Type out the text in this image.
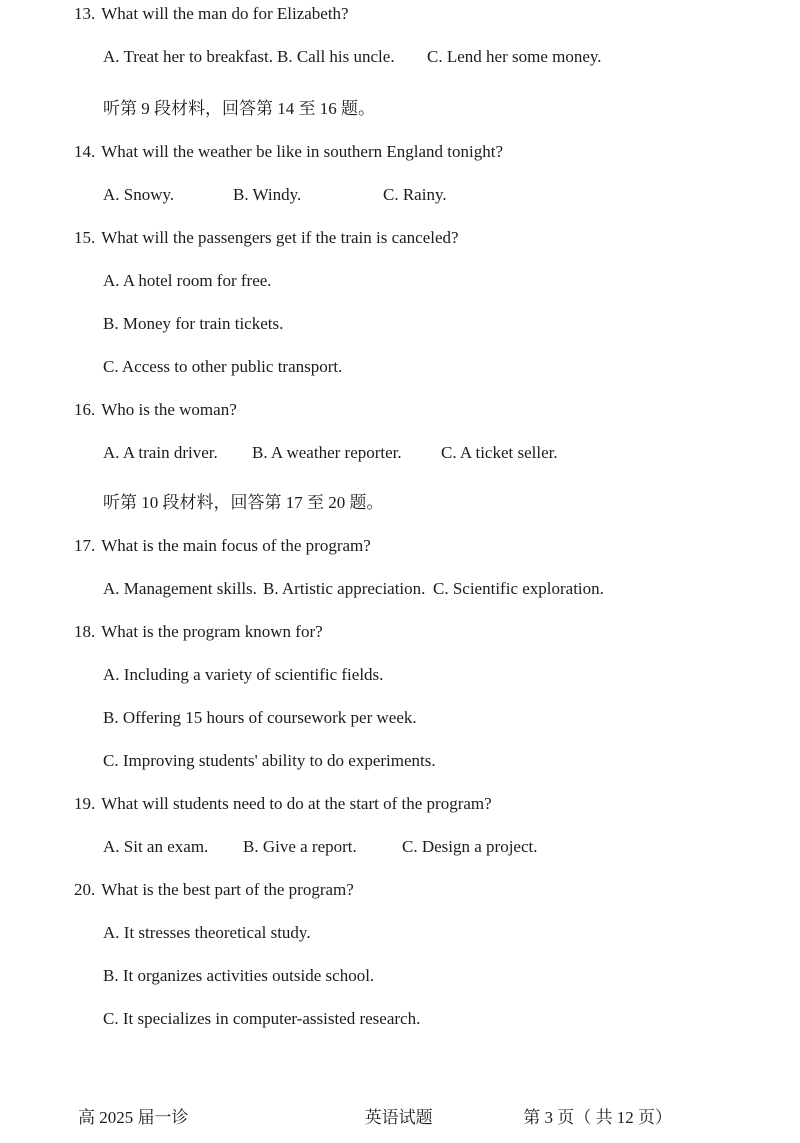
13. What will the man do for Elizabeth?
A. Treat her to breakfast. B. Call his uncle. C. Lend her some money.
听第 9 段材料，回答第 14 至 16 题。
14. What will the weather be like in southern England tonight?
A. Snowy.	B. Windy.	C. Rainy.
15. What will the passengers get if the train is canceled?
A. A hotel room for free.
B. Money for train tickets.
C. Access to other public transport.
16. Who is the woman?
A. A train driver. B. A weather reporter. C. A ticket seller.
听第 10 段材料，回答第 17 至 20 题。
17. What is the main focus of the program?
A. Management skills. B. Artistic appreciation. C. Scientific exploration.
18. What is the program known for?
A. Including a variety of scientific fields.
B. Offering 15 hours of coursework per week.
C. Improving students' ability to do experiments.
19. What will students need to do at the start of the program?
A. Sit an exam. B. Give a report.	C. Design a project.
20. What is the best part of the program?
A. It stresses theoretical study.
B. It organizes activities outside school.
C. It specializes in computer-assisted research.
高 2025 届一诊	英语试题	第 3 页（ 共 12 页）
